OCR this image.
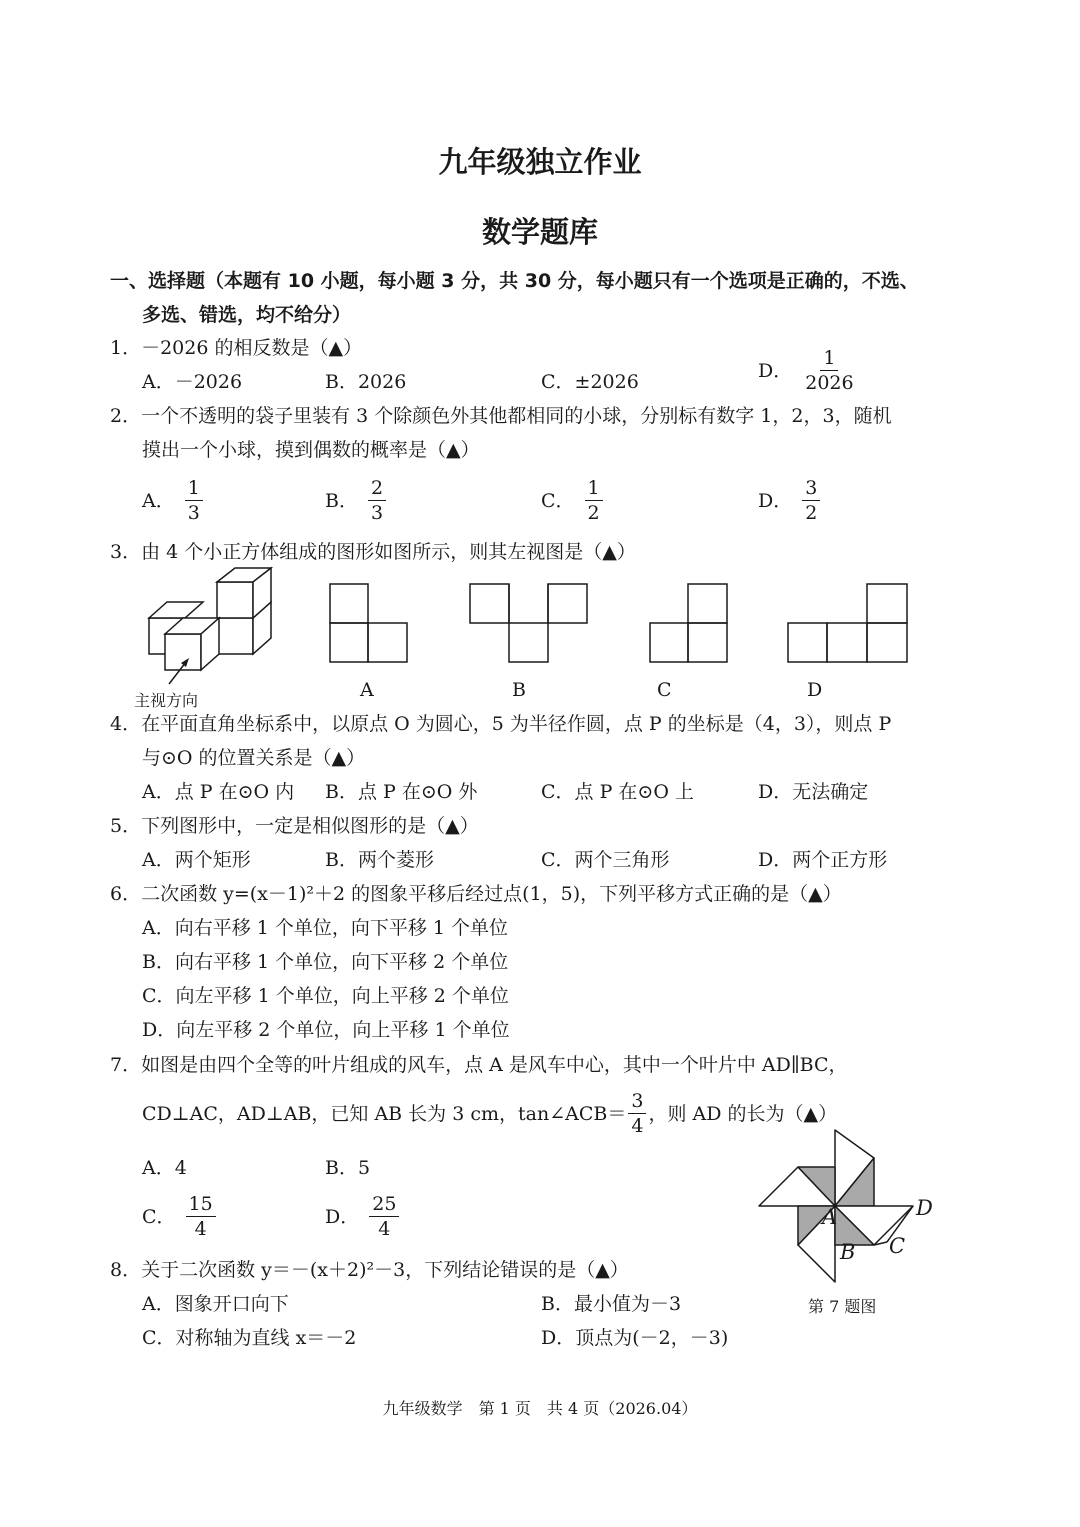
九年级独立作业
数学题库
一、选择题（本题有 10 小题，每小题 3 分，共 30 分，每小题只有一个选项是正确的，不选、
多选、错选，均不给分）
1．－2026 的相反数是（▲）
A．－2026	B．2026	C．±2026
D． $\frac{1}{2026}$
2．一个不透明的袋子里装有 3 个除颜色外其他都相同的小球，分别标有数字 1，2，3，随机
摸出一个小球，摸到偶数的概率是（▲）
A． $\frac{1}{3}$	B． $\frac{2}{3}$	C． $\frac{1}{2}$	D． $\frac{3}{2}$
3．由 4 个小正方体组成的图形如图所示，则其左视图是（▲）
主视方向	A	B	C	D
4．在平面直角坐标系中，以原点 O 为圆心，5 为半径作圆，点 P 的坐标是（4，3），则点 P
与⊙O 的位置关系是（▲）
A．点 P 在⊙O 内 B．点 P 在⊙O 外	C．点 P 在⊙O 上	D．无法确定
5．下列图形中，一定是相似图形的是（▲）
A．两个矩形	B．两个菱形	C．两个三角形	D．两个正方形
6．二次函数 y=(x－1)²＋2 的图象平移后经过点(1，5)，下列平移方式正确的是（▲）
A．向右平移 1 个单位，向下平移 1 个单位
B．向右平移 1 个单位，向下平移 2 个单位
C．向左平移 1 个单位，向上平移 2 个单位
D．向左平移 2 个单位，向上平移 1 个单位
7．如图是由四个全等的叶片组成的风车，点 A 是风车中心，其中一个叶片中 AD∥BC，
CD⊥AC，AD⊥AB，已知 AB 长为 3 cm，tan∠ACB＝ $\frac{3}{4}$ ，则 AD 的长为（▲）
A．4	B．5
C． $\frac{15}{4}$	D． $\frac{25}{4}$	A
B C
D
第 7 题图
8．关于二次函数 y＝－(x＋2)²－3，下列结论错误的是（▲）
A．图象开口向下	B．最小值为－3
C．对称轴为直线 x＝－2	D．顶点为(－2，－3)
九年级数学　第 1 页　共 4 页（2026.04）
